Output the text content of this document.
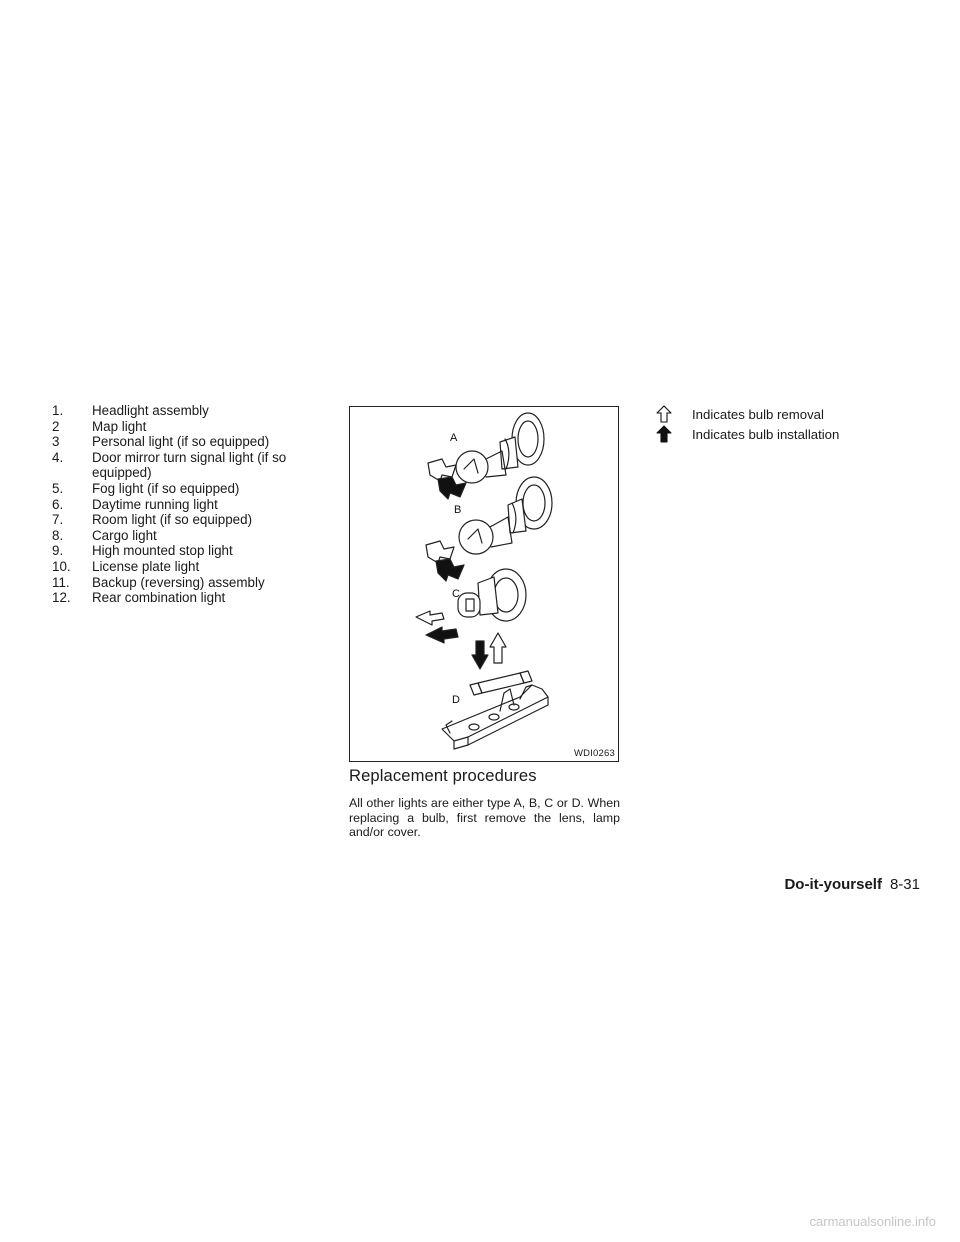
1.	Headlight assembly
2	Map light
3	Personal light (if so equipped)
4.	Door mirror turn signal light (if so equipped)
5.	Fog light (if so equipped)
6.	Daytime running light
7.	Room light (if so equipped)
8.	Cargo light
9.	High mounted stop light
10.	License plate light
11.	Backup (reversing) assembly
12.	Rear combination light
A
B
C
D
WDI0263
Replacement procedures

All other lights are either type A, B, C or D. When replacing a bulb, first remove the lens, lamp and/or cover.

Indicates bulb removal
Indicates bulb installation
Do-it-yourself 8-31
carmanualsonline.info
